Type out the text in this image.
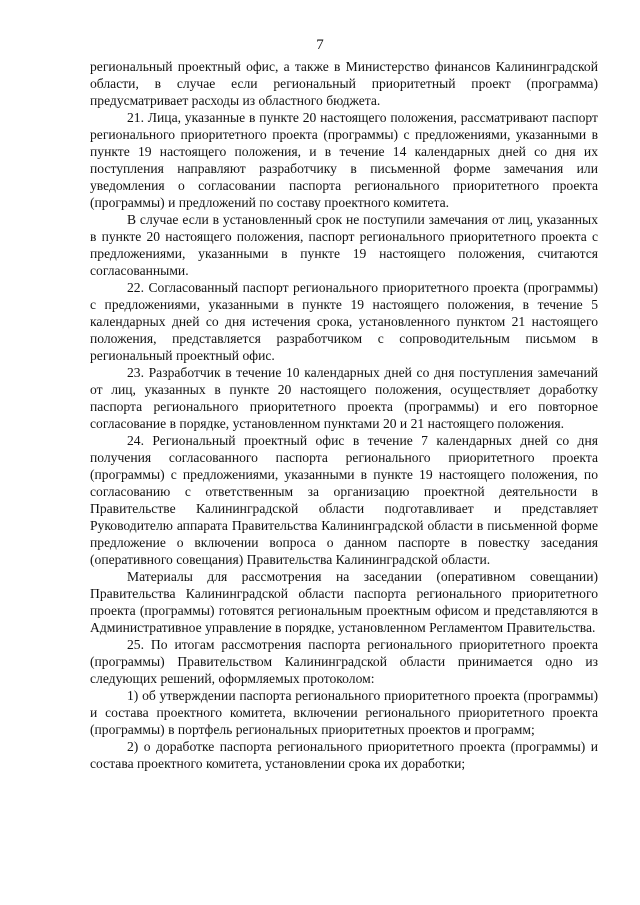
7

региональный проектный офис, а также в Министерство финансов Калининградской области, в случае если региональный приоритетный проект (программа) предусматривает расходы из областного бюджета.

21. Лица, указанные в пункте 20 настоящего положения, рассматривают паспорт регионального приоритетного проекта (программы) с предложениями, указанными в пункте 19 настоящего положения, и в течение 14 календарных дней со дня их поступления направляют разработчику в письменной форме замечания или уведомления о согласовании паспорта регионального приоритетного проекта (программы) и предложений по составу проектного комитета.

В случае если в установленный срок не поступили замечания от лиц, указанных в пункте 20 настоящего положения, паспорт регионального приоритетного проекта с предложениями, указанными в пункте 19 настоящего положения, считаются согласованными.

22. Согласованный паспорт регионального приоритетного проекта (программы) с предложениями, указанными в пункте 19 настоящего положения, в течение 5 календарных дней со дня истечения срока, установленного пунктом 21 настоящего положения, представляется разработчиком с сопроводительным письмом в региональный проектный офис.

23. Разработчик в течение 10 календарных дней со дня поступления замечаний от лиц, указанных в пункте 20 настоящего положения, осуществляет доработку паспорта регионального приоритетного проекта (программы) и его повторное согласование в порядке, установленном пунктами 20 и 21 настоящего положения.

24. Региональный проектный офис в течение 7 календарных дней со дня получения согласованного паспорта регионального приоритетного проекта (программы) с предложениями, указанными в пункте 19 настоящего положения, по согласованию с ответственным за организацию проектной деятельности в Правительстве Калининградской области подготавливает и представляет Руководителю аппарата Правительства Калининградской области в письменной форме предложение о включении вопроса о данном паспорте в повестку заседания (оперативного совещания) Правительства Калининградской области.

Материалы для рассмотрения на заседании (оперативном совещании) Правительства Калининградской области паспорта регионального приоритетного проекта (программы) готовятся региональным проектным офисом и представляются в Административное управление в порядке, установленном Регламентом Правительства.

25. По итогам рассмотрения паспорта регионального приоритетного проекта (программы) Правительством Калининградской области принимается одно из следующих решений, оформляемых протоколом:

1) об утверждении паспорта регионального приоритетного проекта (программы) и состава проектного комитета, включении регионального приоритетного проекта (программы) в портфель региональных приоритетных проектов и программ;

2) о доработке паспорта регионального приоритетного проекта (программы) и состава проектного комитета, установлении срока их доработки;
